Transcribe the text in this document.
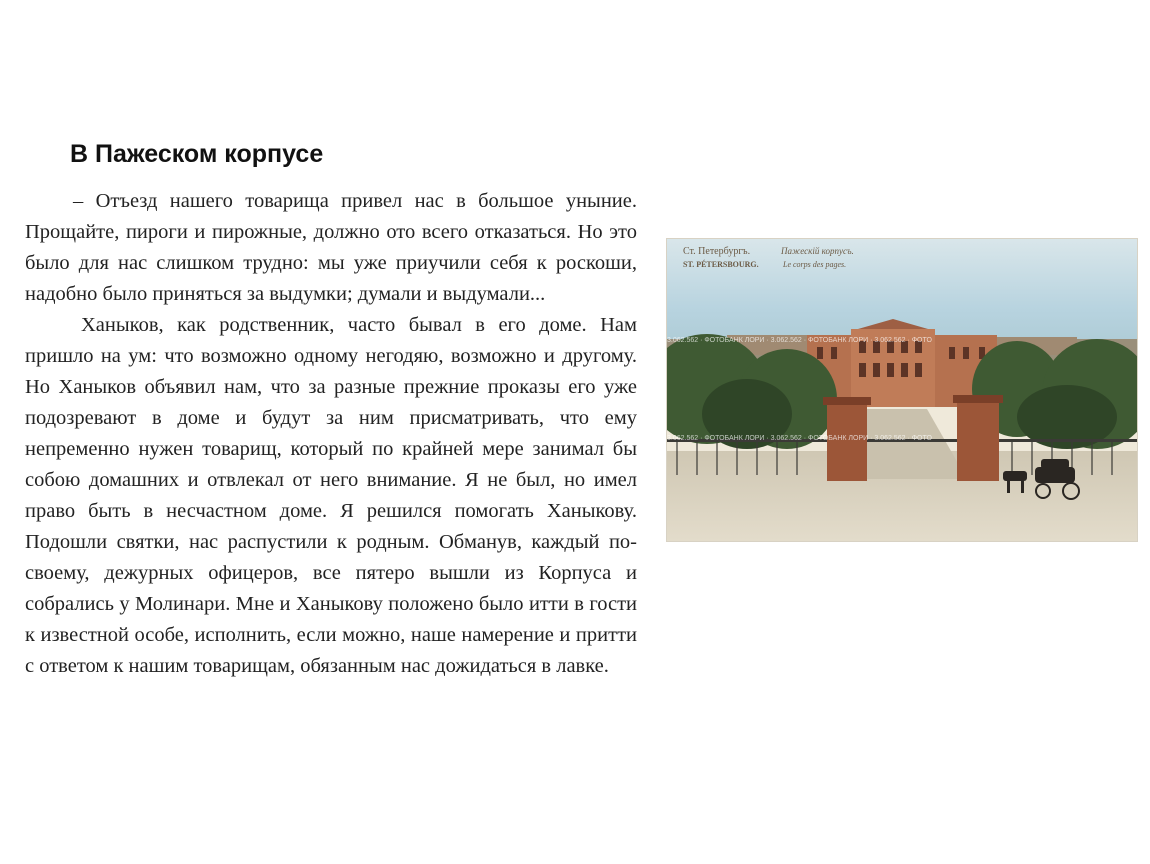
В Пажеском корпусе

– Отъезд нашего товарища привел нас в большое уныние. Прощайте, пироги и пирожные, должно ото всего отказаться. Но это было для нас слишком трудно: мы уже приучили себя к роскоши, надобно было приняться за выдумки; думали и выдумали...

Ханыков, как родственник, часто бывал в его доме. Нам пришло на ум: что возможно одному негодяю, возможно и другому. Но Ханыков объявил нам, что за разные прежние проказы его уже подозревают в доме и будут за ним присматривать, что ему непременно нужен товарищ, который по крайней мере занимал бы собою домашних и отвлекал от него внимание. Я не был, но имел право быть в несчастном доме. Я решился помогать Ханыкову. Подошли святки, нас распустили к родным. Обманув, каждый по-своему, дежурных офицеров, все пятеро вышли из Корпуса и собрались у Молинари. Мне и Ханыкову положено было итти в гости к известной особе, исполнить, если можно, наше намерение и притти с ответом к нашим товарищам, обязанным нас дожидаться в лавке.

Ст. Петербургъ.	Пажескій корпусъ.
ST. PÉTERSBOURG.	Le corps des pages.
3.062.562 · ФОТОБАНК ЛОРИ · 3.062.562 · ФОТОБАНК ЛОРИ · 3.062.562 · ФОТО
3.062.562 · ФОТОБАНК ЛОРИ · 3.062.562 · ФОТОБАНК ЛОРИ · 3.062.562 · ФОТО
